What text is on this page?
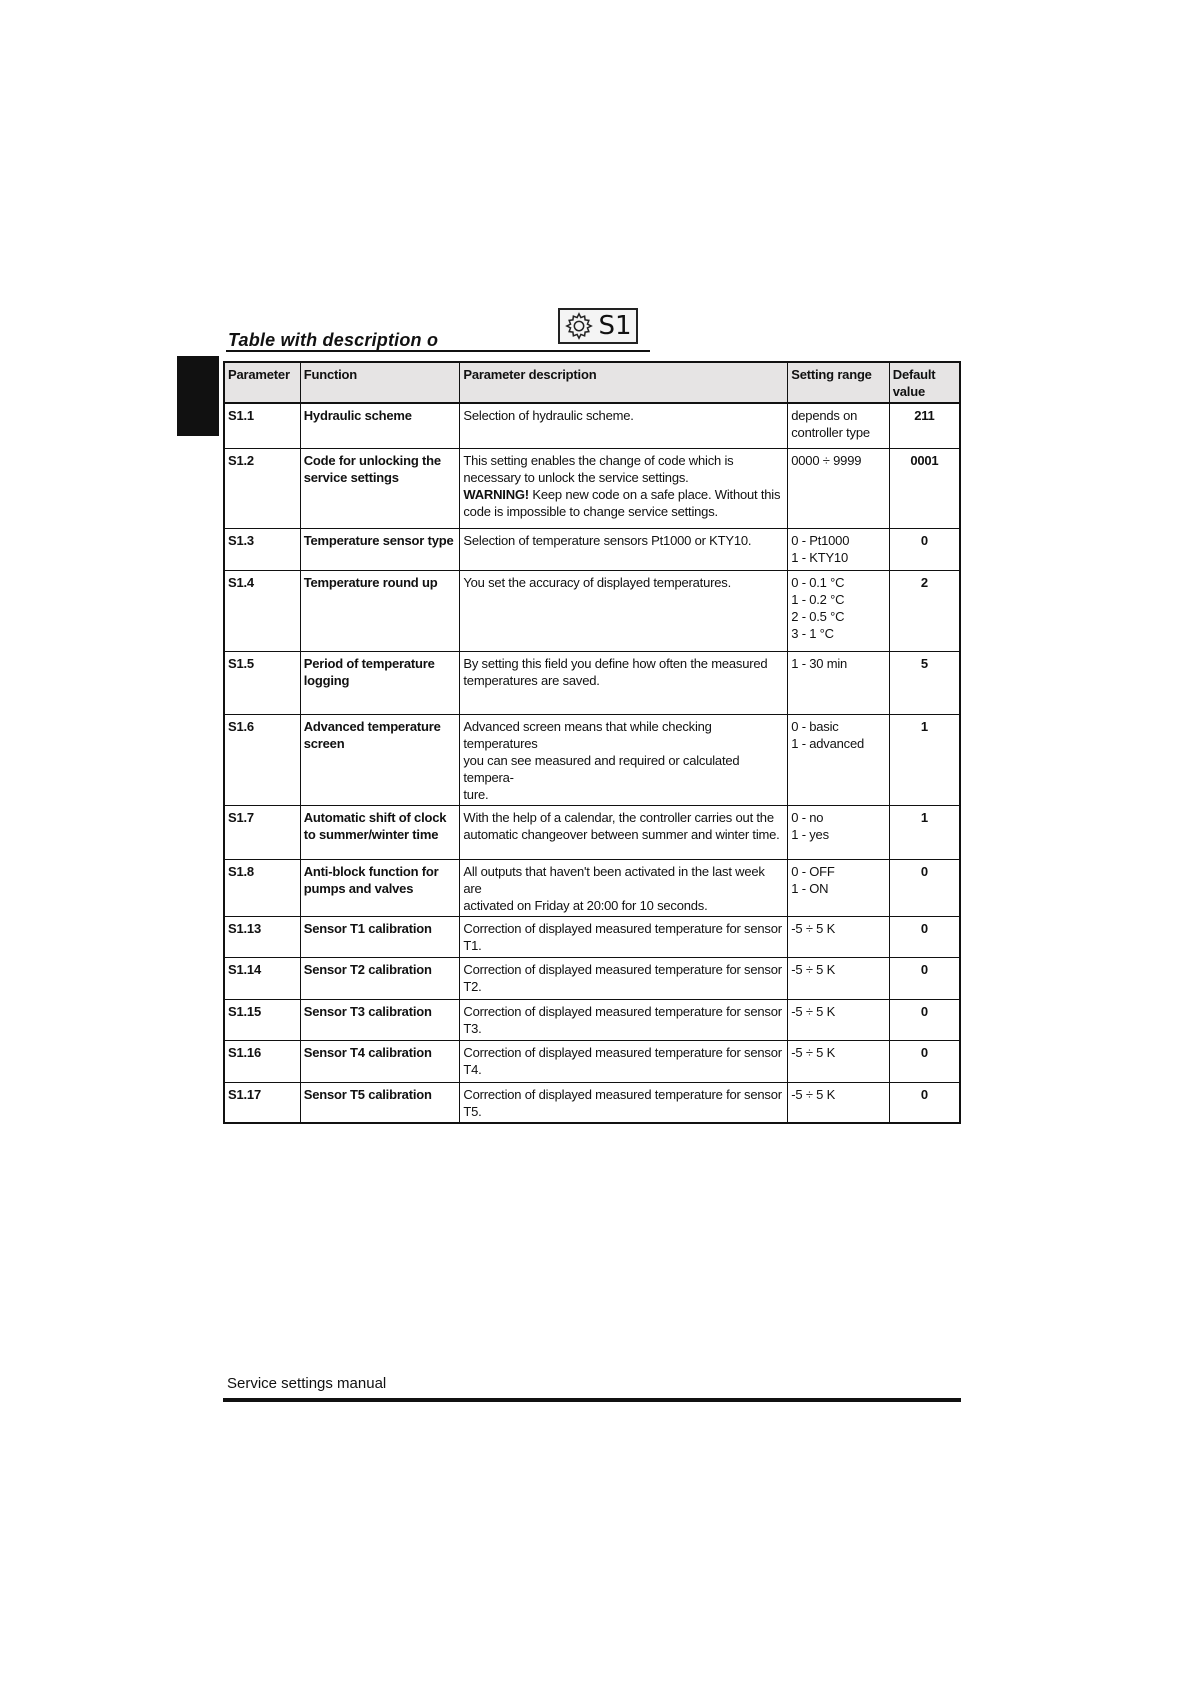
Table with description o	S1
Parameter	Function	Parameter description	Setting range	Default value
S1.1	Hydraulic scheme	Selection of hydraulic scheme.	depends on
controller type	211
S1.2	Code for unlocking the service settings	This setting enables the change of code which is
necessary to unlock the service settings.
WARNING! Keep new code on a safe place. Without this code is impossible to change service settings.	0000 ÷ 9999	0001
S1.3	Temperature sensor type	Selection of temperature sensors Pt1000 or KTY10.	0 - Pt1000
1 - KTY10	0
S1.4	Temperature round up	You set the accuracy of displayed temperatures.	0 - 0.1 °C
1 - 0.2 °C
2 - 0.5 °C
3 - 1 °C	2
S1.5	Period of temperature logging	By setting this field you define how often the measured
temperatures are saved.	1 - 30 min	5
S1.6	Advanced temperature screen	Advanced screen means that while checking temperatures
you can see measured and required or calculated tempera-
ture.	0 - basic
1 - advanced	1
S1.7	Automatic shift of clock to summer/winter time	With the help of a calendar, the controller carries out the
automatic changeover between summer and winter time.	0 - no
1 - yes	1
S1.8	Anti-block function for pumps and valves	All outputs that haven't been activated in the last week are
activated on Friday at 20:00 for 10 seconds.	0 - OFF
1 - ON	0
S1.13	Sensor T1 calibration	Correction of displayed measured temperature for sensor
T1.	-5 ÷ 5 K	0
S1.14	Sensor T2 calibration	Correction of displayed measured temperature for sensor
T2.	-5 ÷ 5 K	0
S1.15	Sensor T3 calibration	Correction of displayed measured temperature for sensor
T3.	-5 ÷ 5 K	0
S1.16	Sensor T4 calibration	Correction of displayed measured temperature for sensor
T4.	-5 ÷ 5 K	0
S1.17	Sensor T5 calibration	Correction of displayed measured temperature for sensor
T5.	-5 ÷ 5 K	0
Service settings manual
